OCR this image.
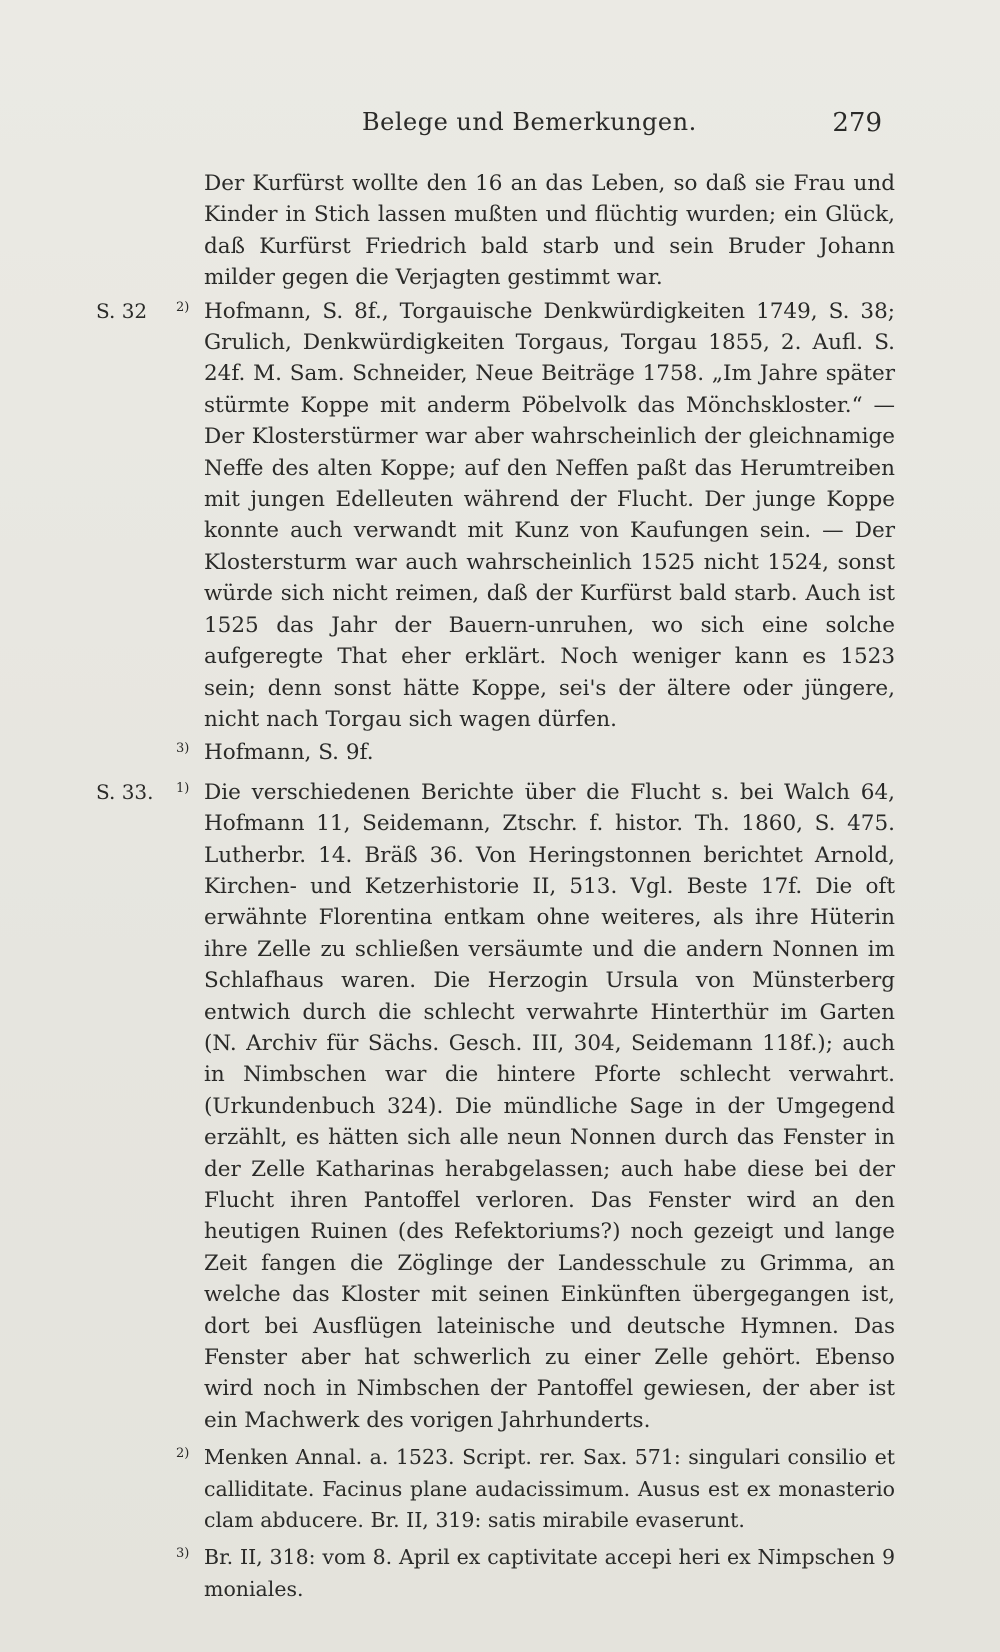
Belege und Bemerkungen.	279
Der Kurfürst wollte den 16 an das Leben, so daß sie Frau und Kinder in Stich lassen mußten und flüchtig wurden; ein Glück, daß Kurfürst Friedrich bald starb und sein Bruder Johann milder gegen die Verjagten gestimmt war.
S. 32	2) Hofmann, S. 8f., Torgauische Denkwürdigkeiten 1749, S. 38; Grulich, Denkwürdigkeiten Torgaus, Torgau 1855, 2. Aufl. S. 24f. M. Sam. Schneider, Neue Beiträge 1758. „Im Jahre später stürmte Koppe mit anderm Pöbelvolk das Mönchskloster.“ — Der Klosterstürmer war aber wahrscheinlich der gleichnamige Neffe des alten Koppe; auf den Neffen paßt das Herumtreiben mit jungen Edelleuten während der Flucht. Der junge Koppe konnte auch verwandt mit Kunz von Kaufungen sein. — Der Klostersturm war auch wahrscheinlich 1525 nicht 1524, sonst würde sich nicht reimen, daß der Kurfürst bald starb. Auch ist 1525 das Jahr der Bauern-unruhen, wo sich eine solche aufgeregte That eher erklärt. Noch weniger kann es 1523 sein; denn sonst hätte Koppe, sei's der ältere oder jüngere, nicht nach Torgau sich wagen dürfen.
3) Hofmann, S. 9f.
S. 33.	1) Die verschiedenen Berichte über die Flucht s. bei Walch 64, Hofmann 11, Seidemann, Ztschr. f. histor. Th. 1860, S. 475. Lutherbr. 14. Bräß 36. Von Heringstonnen berichtet Arnold, Kirchen- und Ketzerhistorie II, 513. Vgl. Beste 17f. Die oft erwähnte Florentina entkam ohne weiteres, als ihre Hüterin ihre Zelle zu schließen versäumte und die andern Nonnen im Schlafhaus waren. Die Herzogin Ursula von Münsterberg entwich durch die schlecht verwahrte Hinterthür im Garten (N. Archiv für Sächs. Gesch. III, 304, Seidemann 118f.); auch in Nimbschen war die hintere Pforte schlecht verwahrt. (Urkundenbuch 324). Die mündliche Sage in der Umgegend erzählt, es hätten sich alle neun Nonnen durch das Fenster in der Zelle Katharinas herabgelassen; auch habe diese bei der Flucht ihren Pantoffel verloren. Das Fenster wird an den heutigen Ruinen (des Refektoriums?) noch gezeigt und lange Zeit fangen die Zöglinge der Landesschule zu Grimma, an welche das Kloster mit seinen Einkünften übergegangen ist, dort bei Ausflügen lateinische und deutsche Hymnen. Das Fenster aber hat schwerlich zu einer Zelle gehört. Ebenso wird noch in Nimbschen der Pantoffel gewiesen, der aber ist ein Machwerk des vorigen Jahrhunderts.
2) Menken Annal. a. 1523. Script. rer. Sax. 571: singulari consilio et calliditate. Facinus plane audacissimum. Ausus est ex monasterio clam abducere. Br. II, 319: satis mirabile evaserunt.
3) Br. II, 318: vom 8. April ex captivitate accepi heri ex Nimpschen 9 moniales.
